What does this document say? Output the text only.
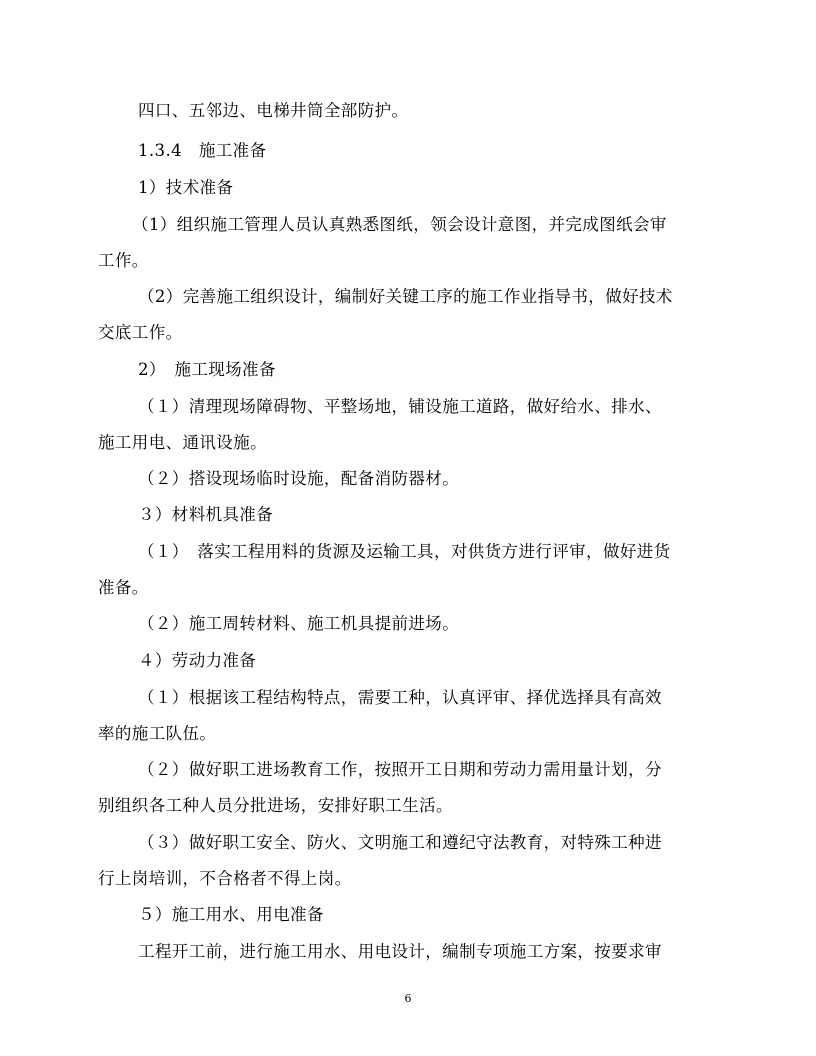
四口、五邻边、电梯井筒全部防护。
1.3.4　施工准备
1）技术准备
（1）组织施工管理人员认真熟悉图纸，领会设计意图，并完成图纸会审
工作。
（2）完善施工组织设计，编制好关键工序的施工作业指导书，做好技术
交底工作。
2）　施工现场准备
（１）清理现场障碍物、平整场地，铺设施工道路，做好给水、排水、
施工用电、通讯设施。
（２）搭设现场临时设施，配备消防器材。
３）材料机具准备
（１）　落实工程用料的货源及运输工具，对供货方进行评审，做好进货
准备。
（２）施工周转材料、施工机具提前进场。
４）劳动力准备
（１）根据该工程结构特点，需要工种，认真评审、择优选择具有高效
率的施工队伍。
（２）做好职工进场教育工作，按照开工日期和劳动力需用量计划，分
别组织各工种人员分批进场，安排好职工生活。
（３）做好职工安全、防火、文明施工和遵纪守法教育，对特殊工种进
行上岗培训，不合格者不得上岗。
５）施工用水、用电准备
工程开工前，进行施工用水、用电设计，编制专项施工方案，按要求审
6
